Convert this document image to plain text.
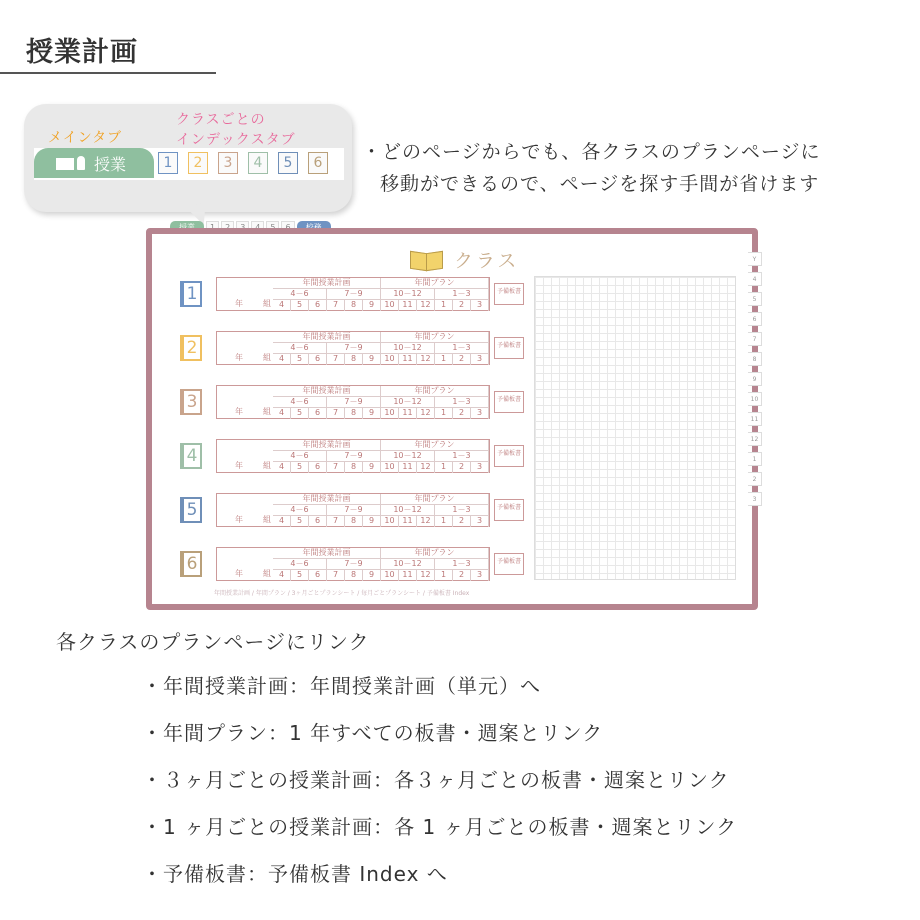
授業計画
メインタブ
クラスごとの
インデックスタブ
授業	1	2	3	4	5	6 ・どのページからでも、各クラスのプランページに
移動ができるので、ページを探す手間が省けます
クラス
1
年間授業計画	年間プラン
4－6	7－9	10－12	1－3
4	5	6	7	8	9	10 11 12	1	2	3
年	組
予備板書
2
年間授業計画	年間プラン
4－6	7－9	10－12	1－3
4	5	6	7	8	9	10 11 12	1	2	3
年	組
予備板書
3
年間授業計画	年間プラン
4－6	7－9	10－12	1－3
4	5	6	7	8	9	10 11 12	1	2	3
年	組
予備板書
4
年間授業計画	年間プラン
4－6	7－9	10－12	1－3
4	5	6	7	8	9	10 11 12	1	2	3
年	組
予備板書
5
年間授業計画	年間プラン
4－6	7－9	10－12	1－3
4	5	6	7	8	9	10 11 12	1	2	3
年	組
予備板書
6
年間授業計画	年間プラン
4－6	7－9	10－12	1－3
4	5	6	7	8	9	10 11 12	1	2	3
年	組
予備板書
Y
4
5
6
7
8
9
10
11
12
1
2
3
年間授業計画 / 年間プラン / 3ヶ月ごとプランシート / 毎月ごとプランシート / 予備板書 Index
各クラスのプランページにリンク
・年間授業計画：年間授業計画（単元）へ
・年間プラン：1 年すべての板書・週案とリンク
・３ヶ月ごとの授業計画：各３ヶ月ごとの板書・週案とリンク
・1 ヶ月ごとの授業計画：各 1 ヶ月ごとの板書・週案とリンク
・予備板書：予備板書 Index へ
